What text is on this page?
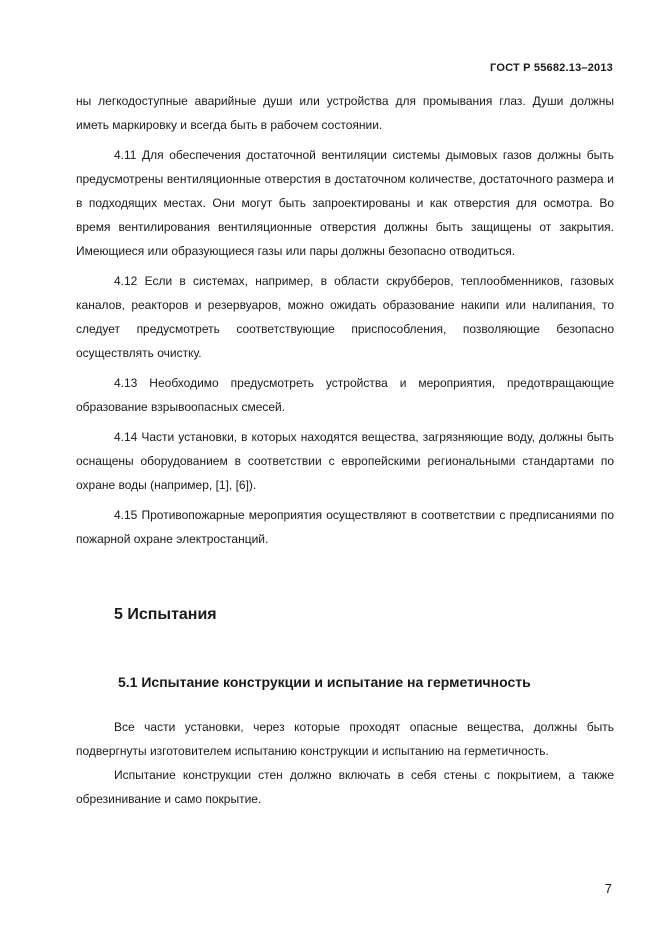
ГОСТ Р 55682.13–2013

ны легкодоступные аварийные души или устройства для промывания глаз. Души должны иметь маркировку и всегда быть в рабочем состоянии.

4.11 Для обеспечения достаточной вентиляции системы дымовых газов должны быть предусмотрены вентиляционные отверстия в достаточном количестве, достаточного размера и в подходящих местах. Они могут быть запроектированы и как отверстия для осмотра. Во время вентилирования вентиляционные отверстия должны быть защищены от закрытия. Имеющиеся или образующиеся газы или пары должны безопасно отводиться.

4.12 Если в системах, например, в области скрубберов, теплообменников, газовых каналов, реакторов и резервуаров, можно ожидать образование накипи или налипания, то следует предусмотреть соответствующие приспособления, позволяющие безопасно осуществлять очистку.

4.13 Необходимо предусмотреть устройства и мероприятия, предотвращающие образование взрывоопасных смесей.

4.14 Части установки, в которых находятся вещества, загрязняющие воду, должны быть оснащены оборудованием в соответствии с европейскими региональными стандартами по охране воды (например, [1], [6]).

4.15 Противопожарные мероприятия осуществляют в соответствии с предписаниями по пожарной охране электростанций.

5 Испытания
5.1 Испытание конструкции и испытание на герметичность

Все части установки, через которые проходят опасные вещества, должны быть подвергнуты изготовителем испытанию конструкции и испытанию на герметичность.

Испытание конструкции стен должно включать в себя стены с покрытием, а также обрезинивание и само покрытие.

7
